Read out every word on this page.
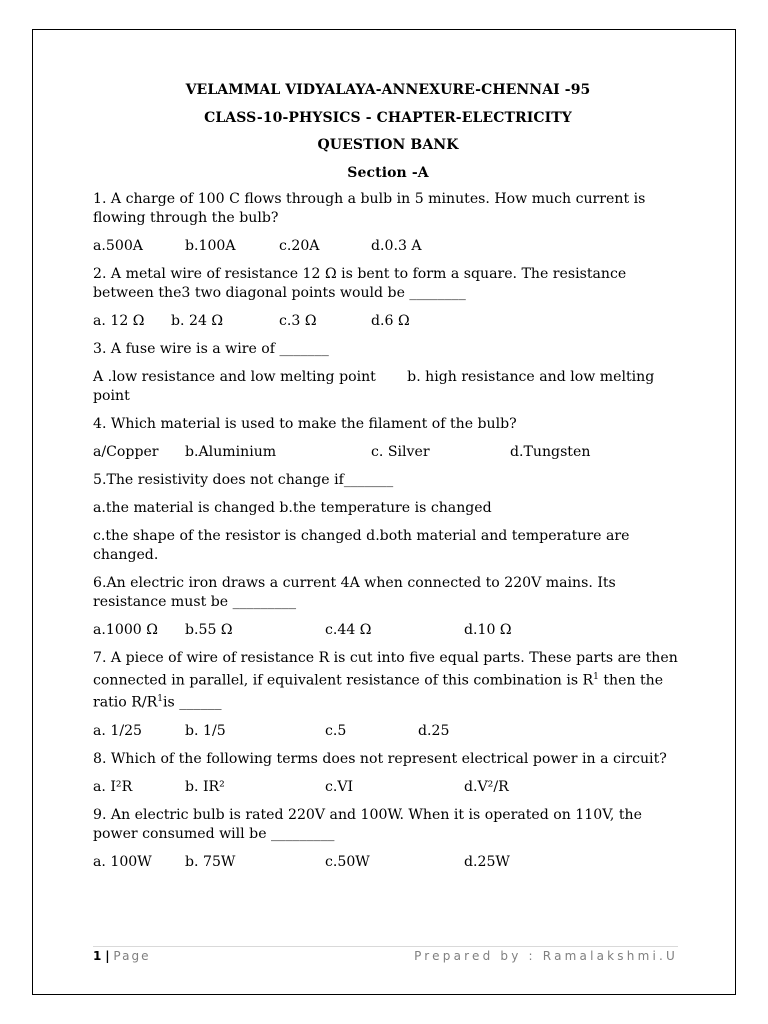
VELAMMAL VIDYALAYA-ANNEXURE-CHENNAI -95
CLASS-10-PHYSICS - CHAPTER-ELECTRICITY
QUESTION BANK
Section -A
1. A charge of 100 C flows through a bulb in 5 minutes. How much current is flowing through the bulb?
a.500A	b.100A	c.20A	d.0.3 A
2. A metal wire of resistance 12 Ω is bent to form a square. The resistance between the3 two diagonal points would be ________
a. 12 Ω b. 24 Ω	c.3 Ω	d.6 Ω
3. A fuse wire is a wire of _______
A .low resistance and low melting point       b. high resistance and low melting point
4. Which material is used to make the filament of the bulb?
a/Copper b.Aluminium	c. Silver	d.Tungsten
5.The resistivity does not change if_______
a.the material is changed b.the temperature is changed
c.the shape of the resistor is changed d.both material and temperature are changed.
6.An electric iron draws a current 4A when connected to 220V mains. Its resistance must be _________
a.1000 Ω b.55 Ω	c.44 Ω	d.10 Ω
7. A piece of wire of resistance R is cut into five equal parts. These parts are then connected in parallel, if equivalent resistance of this combination is $R^1$ then the ratio $R/R^1is$ ______
a. 1/25	b. 1/5	c.5	d.25
8. Which of the following terms does not represent electrical power in a circuit?
a. I²R	b. IR²	c.VI	d.V²/R
9. An electric bulb is rated 220V and 100W. When it is operated on 110V, the power consumed will be _________
a. 100W b. 75W	c.50W	d.25W
1 | Page	Prepared by : Ramalakshmi.U
